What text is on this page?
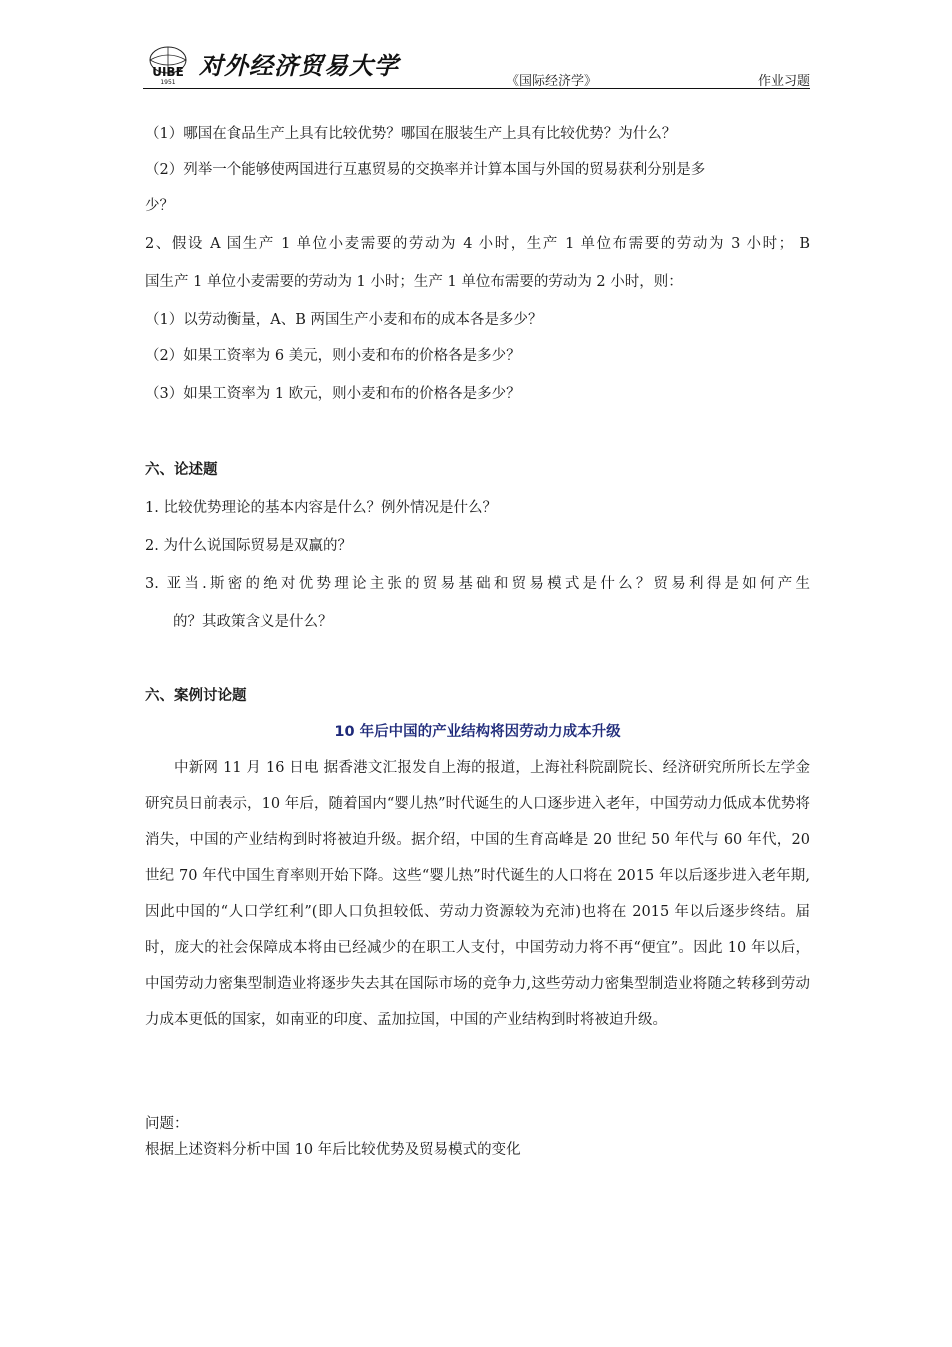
UIBE
1951
对外经济贸易大学
《国际经济学》	作业习题

（1）哪国在食品生产上具有比较优势？哪国在服装生产上具有比较优势？为什么？

（2）列举一个能够使两国进行互惠贸易的交换率并计算本国与外国的贸易获利分别是多

少？

2、假设 A 国生产 1 单位小麦需要的劳动为 4 小时，生产 1 单位布需要的劳动为 3 小时； B

国生产 1 单位小麦需要的劳动为 1 小时；生产 1 单位布需要的劳动为 2 小时，则：

（1）以劳动衡量，A、B 两国生产小麦和布的成本各是多少？

（2）如果工资率为 6 美元，则小麦和布的价格各是多少？

（3）如果工资率为 1 欧元，则小麦和布的价格各是多少？

六、论述题

1. 比较优势理论的基本内容是什么？例外情况是什么？

2. 为什么说国际贸易是双赢的？

3. 亚当.斯密的绝对优势理论主张的贸易基础和贸易模式是什么？贸易利得是如何产生

的？其政策含义是什么？

六、案例讨论题
10 年后中国的产业结构将因劳动力成本升级

中新网 11 月 16 日电 据香港文汇报发自上海的报道，上海社科院副院长、经济研究所所长左学金研究员日前表示，10 年后，随着国内“婴儿热”时代诞生的人口逐步进入老年，中国劳动力低成本优势将消失，中国的产业结构到时将被迫升级。据介绍，中国的生育高峰是 20 世纪 50 年代与 60 年代，20 世纪 70 年代中国生育率则开始下降。这些“婴儿热”时代诞生的人口将在 2015 年以后逐步进入老年期,因此中国的“人口学红利”(即人口负担较低、劳动力资源较为充沛)也将在 2015 年以后逐步终结。届时，庞大的社会保障成本将由已经减少的在职工人支付，中国劳动力将不再“便宜”。因此 10 年以后，中国劳动力密集型制造业将逐步失去其在国际市场的竞争力,这些劳动力密集型制造业将随之转移到劳动力成本更低的国家，如南亚的印度、孟加拉国，中国的产业结构到时将被迫升级。

问题：

根据上述资料分析中国 10 年后比较优势及贸易模式的变化
